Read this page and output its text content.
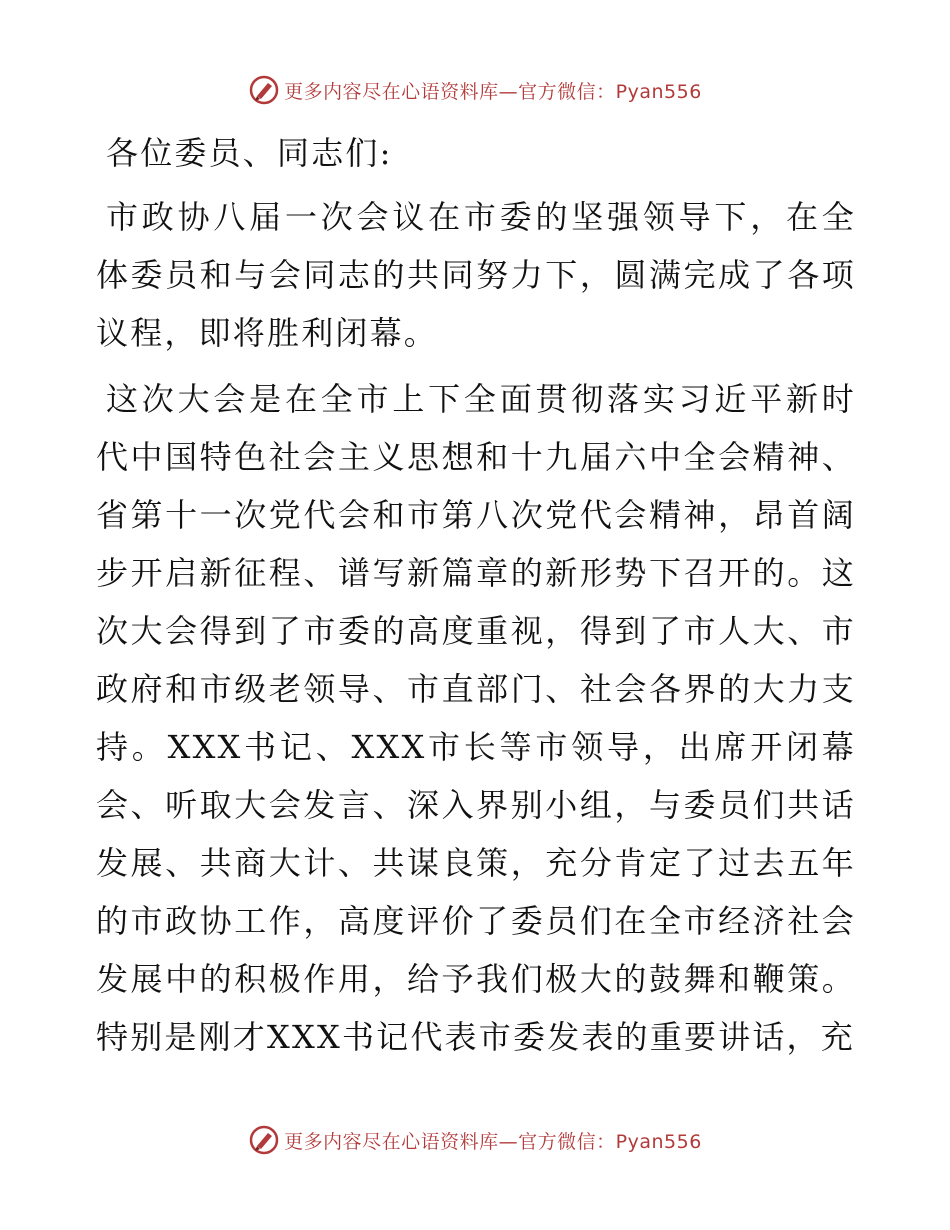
更多内容尽在心语资料库—官方微信：Pyan556

各位委员、同志们:

市政协八届一次会议在市委的坚强领导下，在全体委员和与会同志的共同努力下，圆满完成了各项议程，即将胜利闭幕。

这次大会是在全市上下全面贯彻落实习近平新时代中国特色社会主义思想和十九届六中全会精神、省第十一次党代会和市第八次党代会精神，昂首阔步开启新征程、谱写新篇章的新形势下召开的。这次大会得到了市委的高度重视，得到了市人大、市政府和市级老领导、市直部门、社会各界的大力支持。XXX书记、XXX市长等市领导，出席开闭幕会、听取大会发言、深入界别小组，与委员们共话发展、共商大计、共谋良策，充分肯定了过去五年的市政协工作，高度评价了委员们在全市经济社会发展中的积极作用，给予我们极大的鼓舞和鞭策。特别是刚才XXX书记代表市委发表的重要讲话，充

更多内容尽在心语资料库—官方微信：Pyan556
